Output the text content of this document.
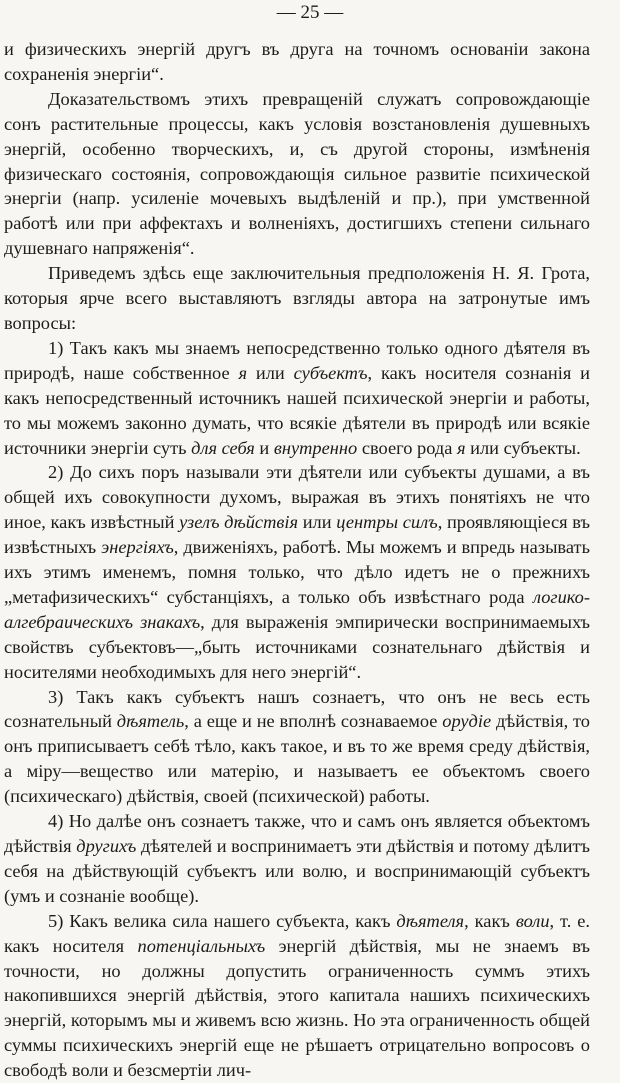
— 25 —

и физическихъ энергій другъ въ друга на точномъ основаніи закона сохраненія энергіи“.

Доказательствомъ этихъ превращеній служатъ сопровождающіе сонъ растительные процессы, какъ условія возстановленія душевныхъ энергій, особенно творческихъ, и, съ другой стороны, измѣненія физическаго состоянія, сопровождающія сильное развитіе психической энергіи (напр. усиленіе мочевыхъ выдѣленій и пр.), при умственной работѣ или при аффектахъ и волненіяхъ, достигшихъ степени сильнаго душевнаго напряженія“.

Приведемъ здѣсь еще заключительныя предположенія Н. Я. Грота, которыя ярче всего выставляютъ взгляды автора на затронутые имъ вопросы:

1) Такъ какъ мы знаемъ непосредственно только одного дѣятеля въ природѣ, наше собственное я или субъектъ, какъ носителя сознанія и какъ непосредственный источникъ нашей психической энергіи и работы, то мы можемъ законно думать, что всякіе дѣятели въ природѣ или всякіе источники энергіи суть для себя и внутренно своего рода я или субъекты.

2) До сихъ поръ называли эти дѣятели или субъекты душами, а въ общей ихъ совокупности духомъ, выражая въ этихъ понятіяхъ не что иное, какъ извѣстный узелъ дѣйствія или центры силъ, проявляющіеся въ извѣстныхъ энергіяхъ, движеніяхъ, работѣ. Мы можемъ и впредь называть ихъ этимъ именемъ, помня только, что дѣло идетъ не о прежнихъ „метафизическихъ“ субстанціяхъ, а только объ извѣстнаго рода логико-алгебраическихъ знакахъ, для выраженія эмпирически воспринимаемыхъ свойствъ субъектовъ—„быть источниками сознательнаго дѣйствія и носителями необходимыхъ для него энергій“.

3) Такъ какъ субъектъ нашъ сознаетъ, что онъ не весь есть сознательный дѣятель, а еще и не вполнѣ сознаваемое орудіе дѣйствія, то онъ приписываетъ себѣ тѣло, какъ такое, и въ то же время среду дѣйствія, а міру—вещество или матерію, и называетъ ее объектомъ своего (психическаго) дѣйствія, своей (психической) работы.

4) Но далѣе онъ сознаетъ также, что и самъ онъ является объектомъ дѣйствія другихъ дѣятелей и воспринимаетъ эти дѣйствія и потому дѣлитъ себя на дѣйствующій субъектъ или волю, и воспринимающій субъектъ (умъ и сознаніе вообще).

5) Какъ велика сила нашего субъекта, какъ дѣятеля, какъ воли, т. е. какъ носителя потенціальныхъ энергій дѣйствія, мы не знаемъ въ точности, но должны допустить ограниченность суммъ этихъ накопившихся энергій дѣйствія, этого капитала нашихъ психическихъ энергій, которымъ мы и живемъ всю жизнь. Но эта ограниченность общей суммы психическихъ энергій еще не рѣшаетъ отрицательно вопросовъ о свободѣ воли и безсмертіи лич-
